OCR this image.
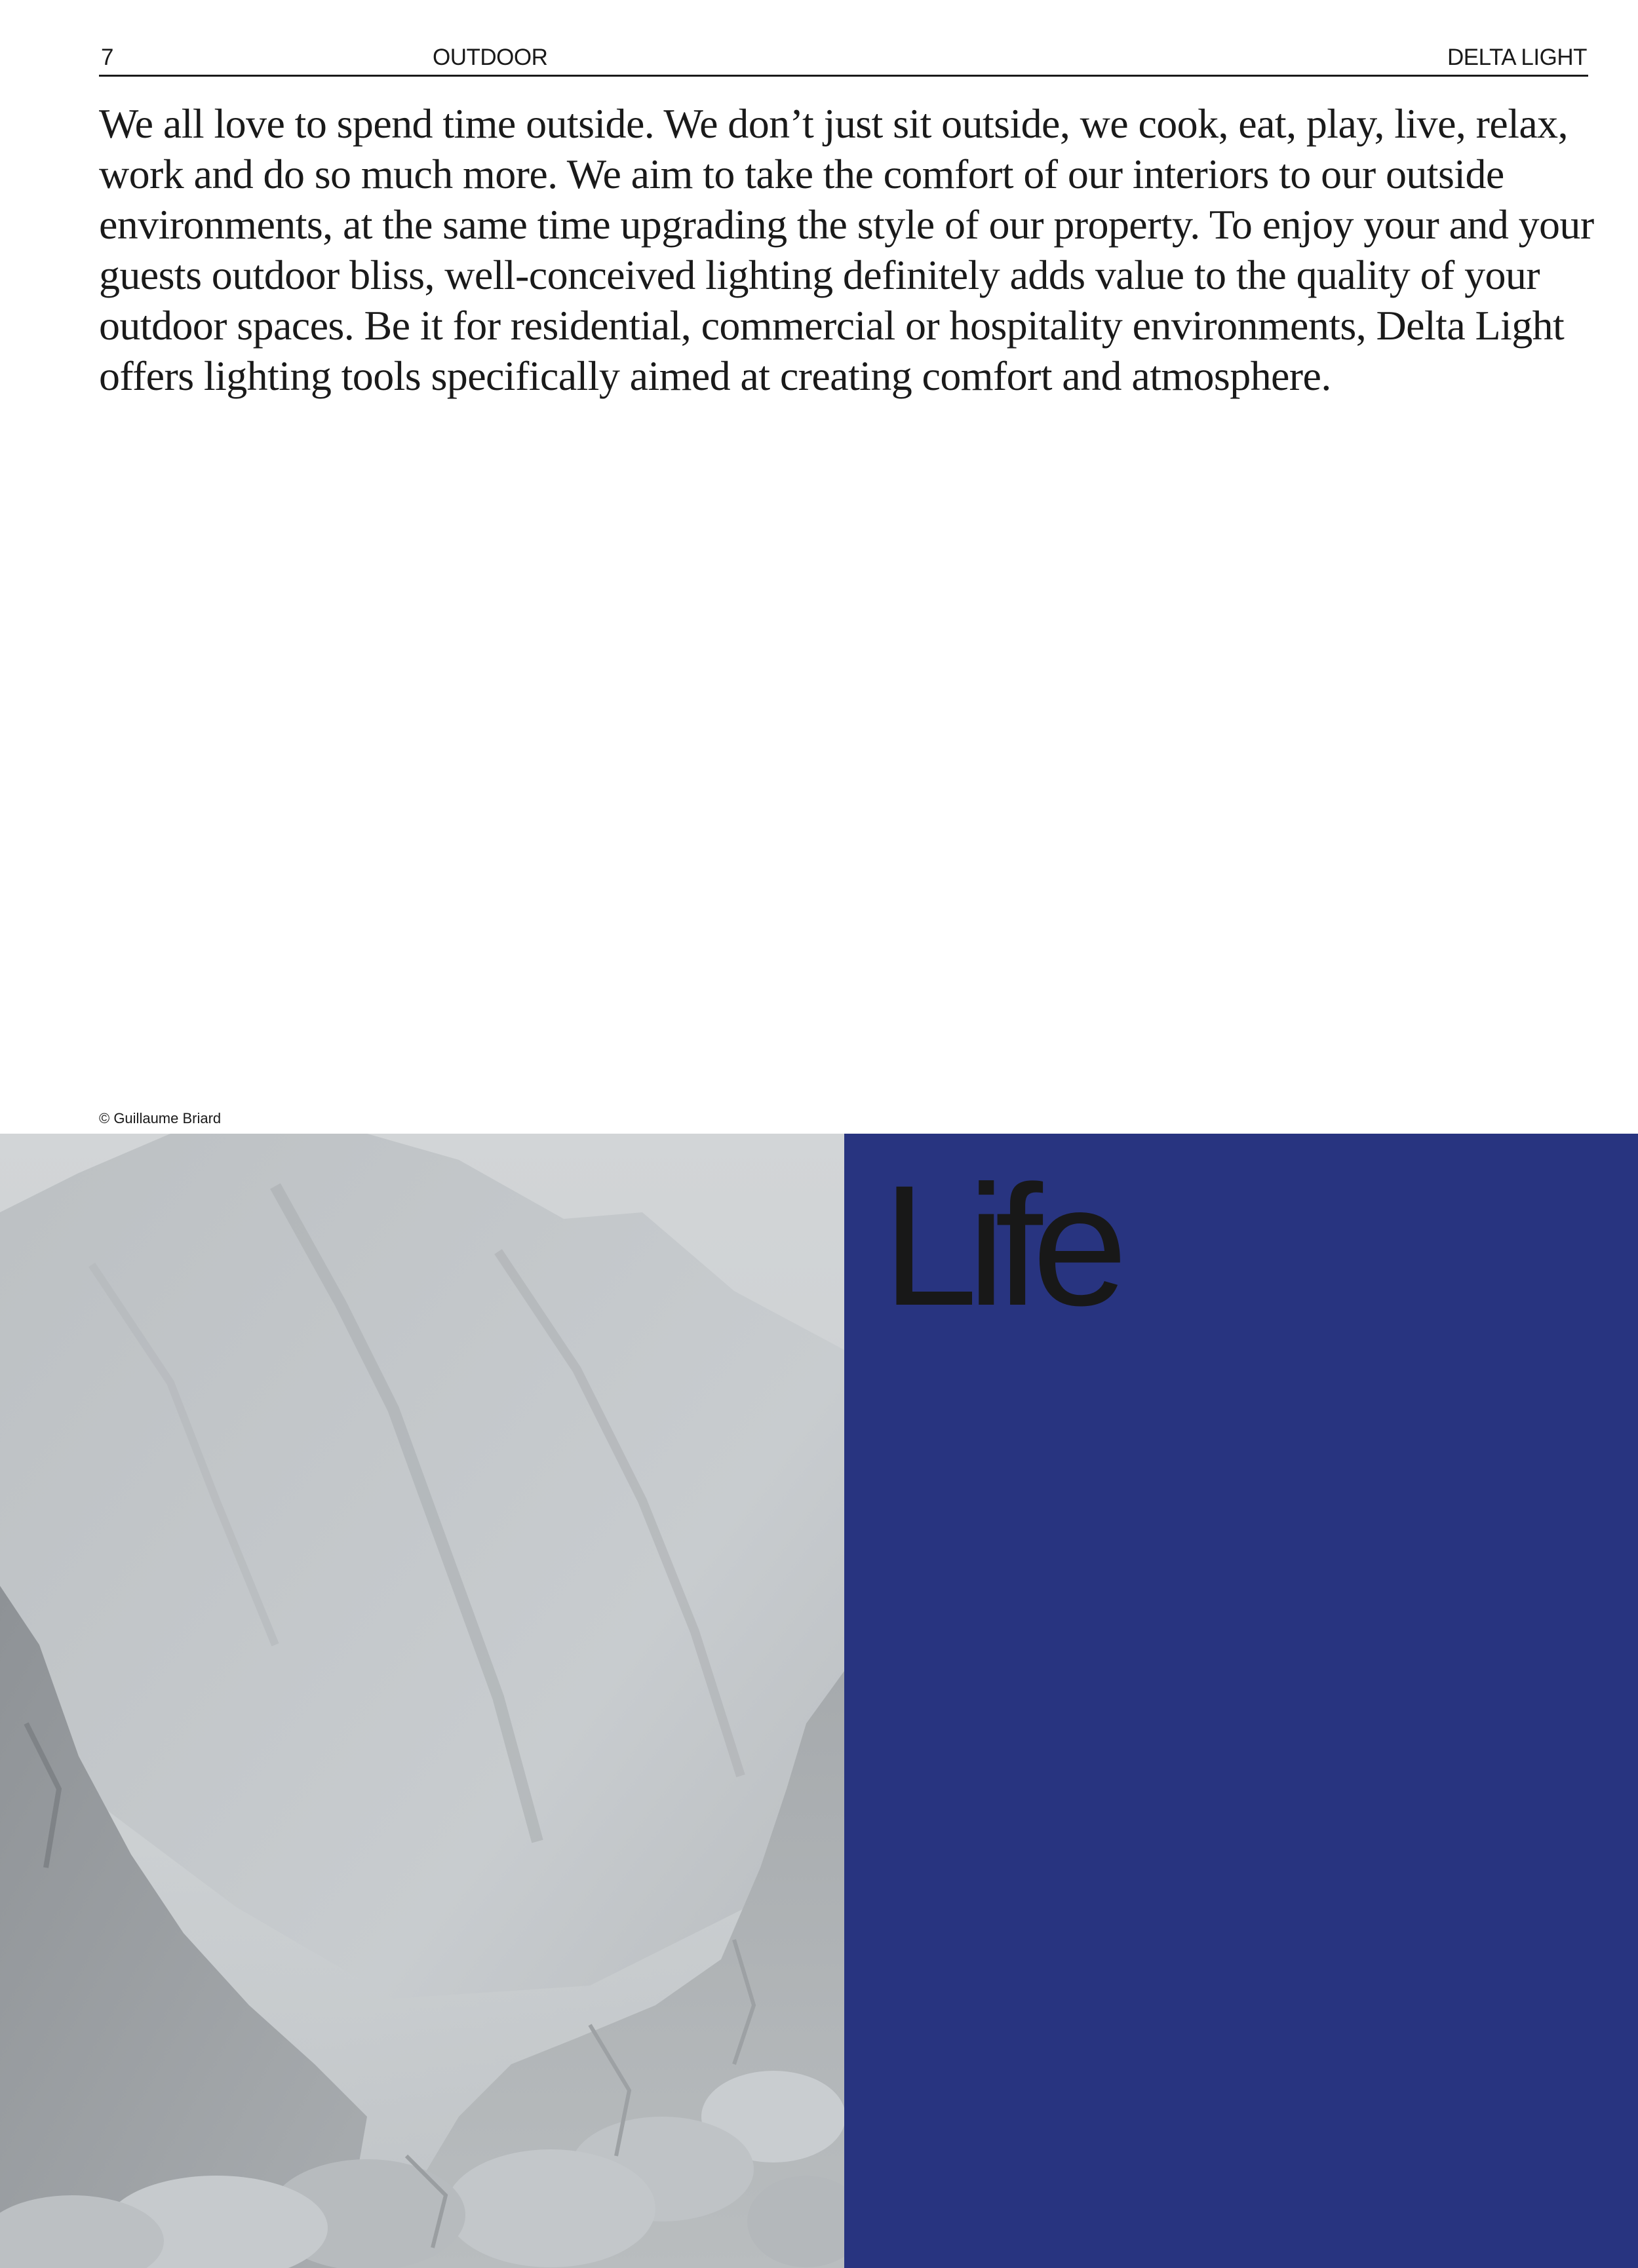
7	OUTDOOR	DELTA LIGHT

We all love to spend time outside. We don’t just sit outside, we cook, eat, play, live, relax,
work and do so much more. We aim to take the comfort of our interiors to our outside
environments, at the same time upgrading the style of our property. To enjoy your and your
guests outdoor bliss, well-conceived lighting definitely adds value to the quality of your
outdoor spaces. Be it for residential, commercial or hospitality environments, Delta Light
offers lighting tools specifically aimed at creating comfort and atmosphere.

© Guillaume Briard
Life
